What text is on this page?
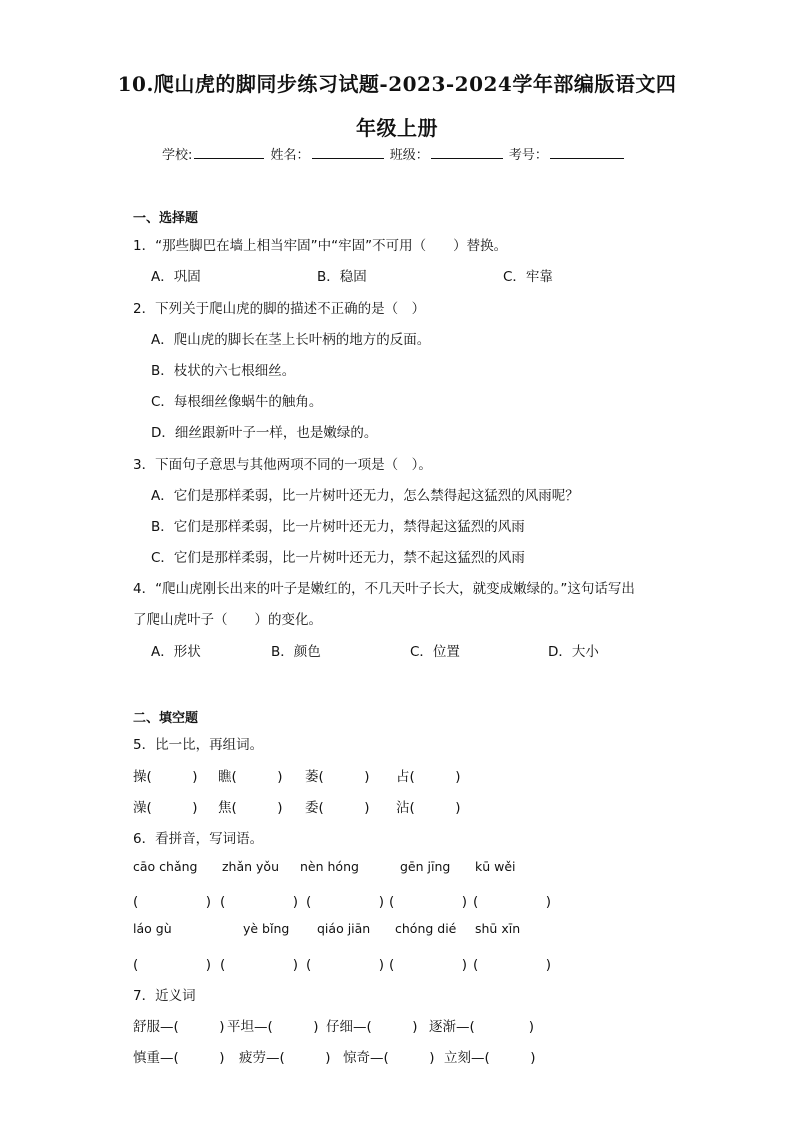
10.爬山虎的脚同步练习试题-2023-2024学年部编版语文四
年级上册
学校:	姓名：	班级：	考号：
一、选择题
1．“那些脚巴在墙上相当牢固”中“牢固”不可用（　　）替换。
A．巩固	B．稳固	C．牢靠
2．下列关于爬山虎的脚的描述不正确的是（　）
A．爬山虎的脚长在茎上长叶柄的地方的反面。
B．枝状的六七根细丝。
C．每根细丝像蜗牛的触角。
D．细丝跟新叶子一样，也是嫩绿的。
3．下面句子意思与其他两项不同的一项是（　）。
A．它们是那样柔弱，比一片树叶还无力，怎么禁得起这猛烈的风雨呢？
B．它们是那样柔弱，比一片树叶还无力，禁得起这猛烈的风雨
C．它们是那样柔弱，比一片树叶还无力，禁不起这猛烈的风雨
4．“爬山虎刚长出来的叶子是嫩红的，不几天叶子长大，就变成嫩绿的。”这句话写出
了爬山虎叶子（　　）的变化。
A．形状	B．颜色	C．位置	D．大小
二、填空题
5．比一比，再组词。
操(　　　) 瞧(　　　) 萎(　　　) 占(　　　)
澡(　　　) 焦(　　　) 委(　　　) 沾(　　　)
6．看拼音，写词语。
cāo chǎng zhǎn yǒu nèn hóng	gēn jīng kū wěi
(　　　　　) (　　　　　) (　　　　　) (　　　　　) (　　　　　)
láo gù	yè bǐng qiáo jiān chóng dié shū xīn
(　　　　　) (　　　　　) (　　　　　) (　　　　　) (　　　　　)
7．近义词
舒服—(　　　) 平坦—(　　　) 仔细—(　　　) 逐渐—(　　　　)
慎重—(　　　) 疲劳—(　　　) 惊奇—(　　　) 立刻—(　　　)
